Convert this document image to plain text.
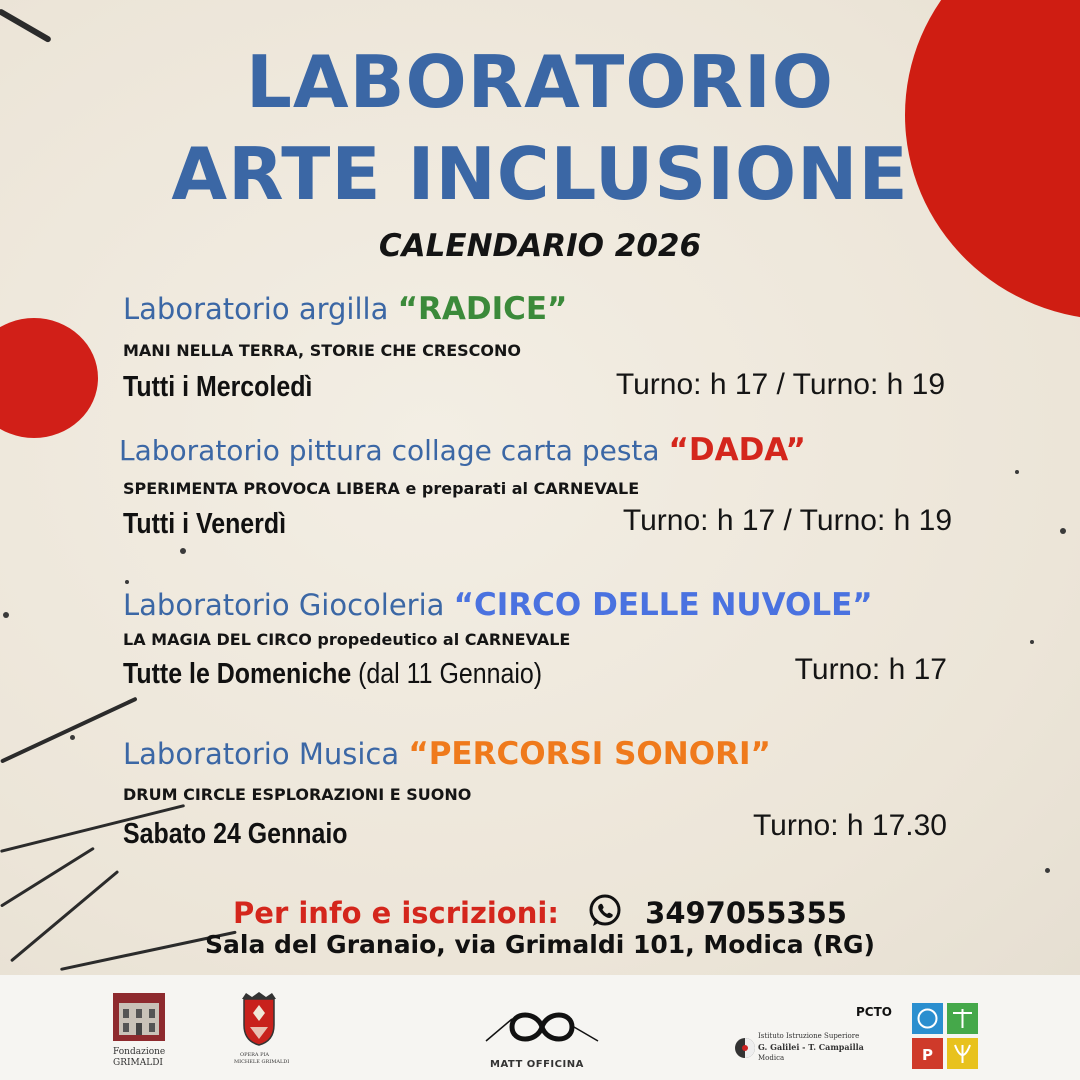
LABORATORIO
ARTE INCLUSIONE
CALENDARIO 2026
Laboratorio argilla “RADICE”
MANI NELLA TERRA, STORIE CHE CRESCONO
Tutti i Mercoledì	Turno: h 17 / Turno: h 19
Laboratorio pittura collage carta pesta “DADA”
SPERIMENTA PROVOCA LIBERA e preparati al CARNEVALE
Tutti i Venerdì	Turno: h 17 / Turno: h 19
Laboratorio Giocoleria “CIRCO DELLE NUVOLE”
LA MAGIA DEL CIRCO propedeutico al CARNEVALE
Tutte le Domeniche (dal 11 Gennaio)	Turno: h 17
Laboratorio Musica “PERCORSI SONORI”
DRUM CIRCLE ESPLORAZIONI E SUONO
Sabato 24 Gennaio	Turno: h 17.30
Per info e iscrizioni:	3497055355
Sala del Granaio, via Grimaldi 101, Modica (RG)
Fondazione
GRIMALDI
OPERA PIA
MICHELE GRIMALDI	MATT OFFICINA
Istituto Istruzione Superiore
G. Galilei - T. Campailla
Modica
PCTO
P
